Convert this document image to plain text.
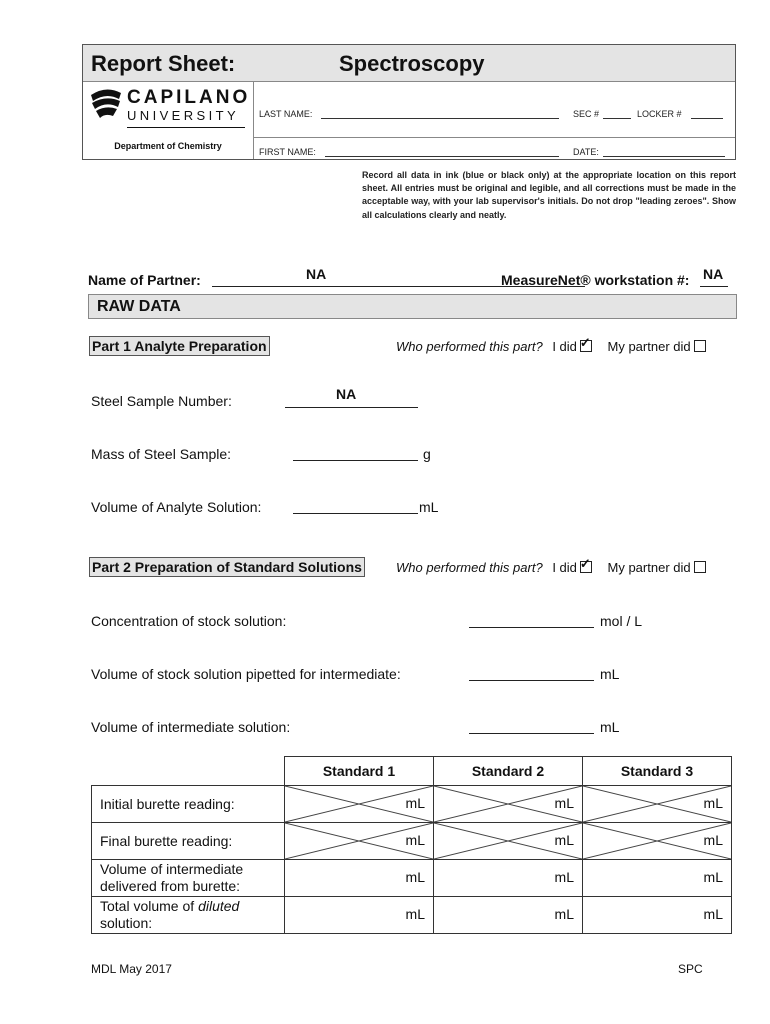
Report Sheet:	Spectroscopy
CAPILANO
UNIVERSITY
Department of Chemistry
LAST NAME:	SEC #	LOCKER #
FIRST NAME:	DATE:
Record all data in ink (blue or black only) at the appropriate location on this report sheet. All entries must be original and legible, and all corrections must be made in the acceptable way, with your lab supervisor's initials. Do not drop "leading zeroes". Show all calculations clearly and neatly.
Name of Partner:	NA	MeasureNet® workstation #: NA
RAW DATA
Part 1 Analyte Preparation	Who performed this part? I did ✓ My partner did
Steel Sample Number:	NA
Mass of Steel Sample:	g
Volume of Analyte Solution:	mL
Part 2 Preparation of Standard Solutions	Who performed this part? I did ✓ My partner did
Concentration of stock solution:	mol / L
Volume of stock solution pipetted for intermediate:	mL
Volume of intermediate solution:	mL
	Standard 1	Standard 2	Standard 3
Initial burette reading:	mL	mL	mL

Final burette reading:	mL	mL	mL

Volume of intermediate delivered from burette:	mL	mL	mL

Total volume of diluted solution:	mL	mL	mL
MDL May 2017	SPC
